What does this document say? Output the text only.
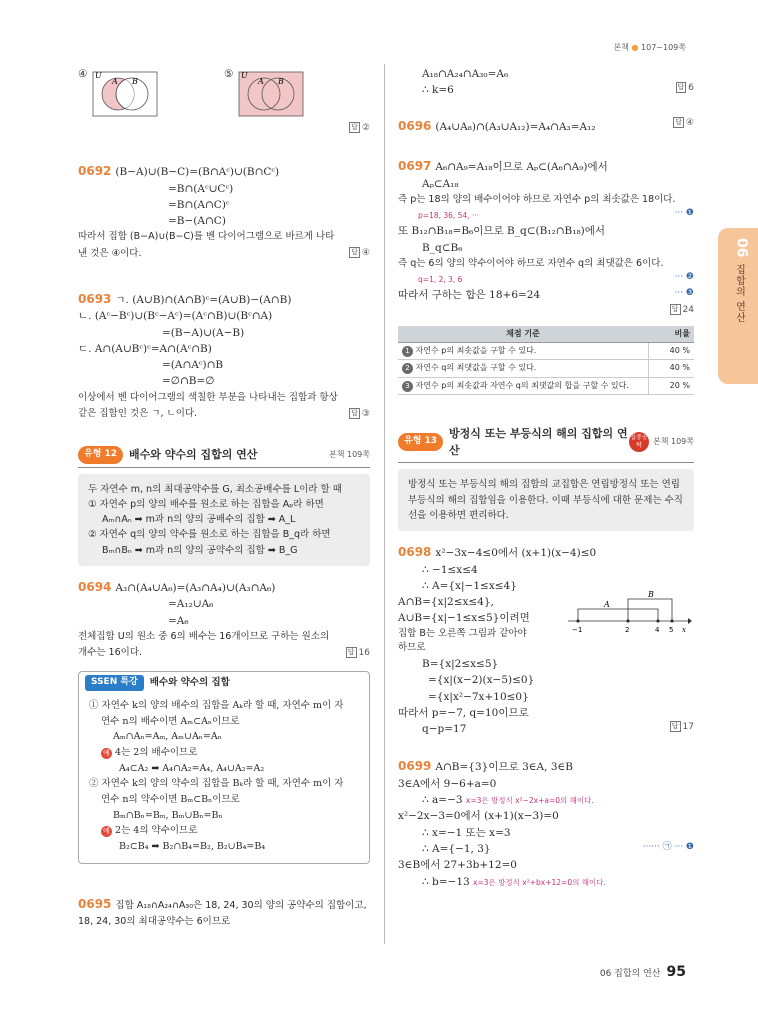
본책 ● 107~109쪽
④ U
A B
⑤ U
A B
답 ②
0692 (B−A)∪(B−C)=(B∩Aᶜ)∪(B∩Cᶜ)
=B∩(Aᶜ∪Cᶜ)
=B∩(A∩C)ᶜ
=B−(A∩C)
따라서 집합 (B−A)∪(B−C)를 벤 다이어그램으로 바르게 나타낸 것은 ④이다.	답 ④
0693 ㄱ. (A∪B)∩(A∩B)ᶜ=(A∪B)−(A∩B)
ㄴ. (Aᶜ−Bᶜ)∪(Bᶜ−Aᶜ)=(Aᶜ∩B)∪(Bᶜ∩A)
=(B−A)∪(A−B)
ㄷ. A∩(A∪Bᶜ)ᶜ=A∩(Aᶜ∩B)
=(A∩Aᶜ)∩B
=∅∩B=∅
이상에서 벤 다이어그램의 색칠한 부분을 나타내는 집합과 항상 같은 집합인 것은 ㄱ, ㄴ이다.	답 ③
유형 12	배수와 약수의 집합의 연산	본책 109쪽
두 자연수 m, n의 최대공약수를 G, 최소공배수를 L이라 할 때
① 자연수 p의 양의 배수를 원소로 하는 집합을 Aₚ라 하면
Aₘ∩Aₙ ➡ m과 n의 양의 공배수의 집합 ➡ A_L
② 자연수 q의 양의 약수를 원소로 하는 집합을 B_q라 하면
Bₘ∩Bₙ ➡ m과 n의 양의 공약수의 집합 ➡ B_G
0694 A₃∩(A₄∪A₆)=(A₃∩A₄)∪(A₃∩A₆)
=A₁₂∪A₆
=A₆
전체집합 U의 원소 중 6의 배수는 16개이므로 구하는 원소의 개수는 16이다.	답 16
SSEN 특강	배수와 약수의 집합
① 자연수 k의 양의 배수의 집합을 Aₖ라 할 때, 자연수 m이 자
연수 n의 배수이면 Aₘ⊂Aₙ이므로
Aₘ∩Aₙ=Aₘ, Aₘ∪Aₙ=Aₙ
예 4는 2의 배수이므로
A₄⊂A₂ ➡ A₄∩A₂=A₄, A₄∪A₂=A₂
② 자연수 k의 양의 약수의 집합을 Bₖ라 할 때, 자연수 m이 자
연수 n의 약수이면 Bₘ⊂Bₙ이므로
Bₘ∩Bₙ=Bₘ, Bₘ∪Bₙ=Bₙ
예 2는 4의 약수이므로
B₂⊂B₄ ➡ B₂∩B₄=B₂, B₂∪B₄=B₄
0695 집합 A₁₈∩A₂₄∩A₃₀은 18, 24, 30의 양의 공약수의 집합이고, 18, 24, 30의 최대공약수는 6이므로
A₁₈∩A₂₄∩A₃₀=A₆
∴ k=6	답 6
0696 (A₄∪A₈)∩(A₃∪A₁₂)=A₄∩A₃=A₁₂	답 ④
0697 A₆∩A₉=A₁₈이므로 Aₚ⊂(A₆∩A₉)에서
Aₚ⊂A₁₈
즉 p는 18의 양의 배수이어야 하므로 자연수 p의 최솟값은 18이다.
p=18, 36, 54, ···	··· ❶
또 B₁₂∩B₁₈=B₆이므로 B_q⊂(B₁₂∩B₁₈)에서
B_q⊂B₆
즉 q는 6의 양의 약수이어야 하므로 자연수 q의 최댓값은 6이다.
q=1, 2, 3, 6	··· ❷
따라서 구하는 합은 18+6=24	··· ❸
답 24
채점 기준	비율
1 자연수 p의 최솟값을 구할 수 있다.	40 %
2 자연수 q의 최댓값을 구할 수 있다.	40 %
3 자연수 p의 최솟값과 자연수 q의 최댓값의 합을 구할 수 있다.	20 %
유형 13
방정식 또는 부등식의 해의 집합의 연산
집중공략	본책 109쪽
방정식 또는 부등식의 해의 집합의 교집합은 연립방정식 또는 연립부등식의 해의 집합임을 이용한다. 이때 부등식에 대한 문제는 수직선을 이용하면 편리하다.
0698 x²−3x−4≤0에서 (x+1)(x−4)≤0
∴ −1≤x≤4
∴ A={x|−1≤x≤4}
A∩B={x|2≤x≤4},
A∪B={x|−1≤x≤5}이려면
집합 B는 오른쪽 그림과 같아야
하므로
B={x|2≤x≤5}
={x|(x−2)(x−5)≤0}
={x|x²−7x+10≤0}
따라서 p=−7, q=10이므로
q−p=17	답 17
A
B
−1	2	4 5 x
0699 A∩B={3}이므로 3∈A, 3∈B
3∈A에서 9−6+a=0
∴ a=−3 x=3은 방정식 x²−2x+a=0의 해이다.
x²−2x−3=0에서 (x+1)(x−3)=0
∴ x=−1 또는 x=3
∴ A={−1, 3}	······ ㉠ ··· ❶
3∈B에서 27+3b+12=0
∴ b=−13 x=3은 방정식 x²+bx+12=0의 해이다.
06
집합의 연산
06 집합의 연산 95
